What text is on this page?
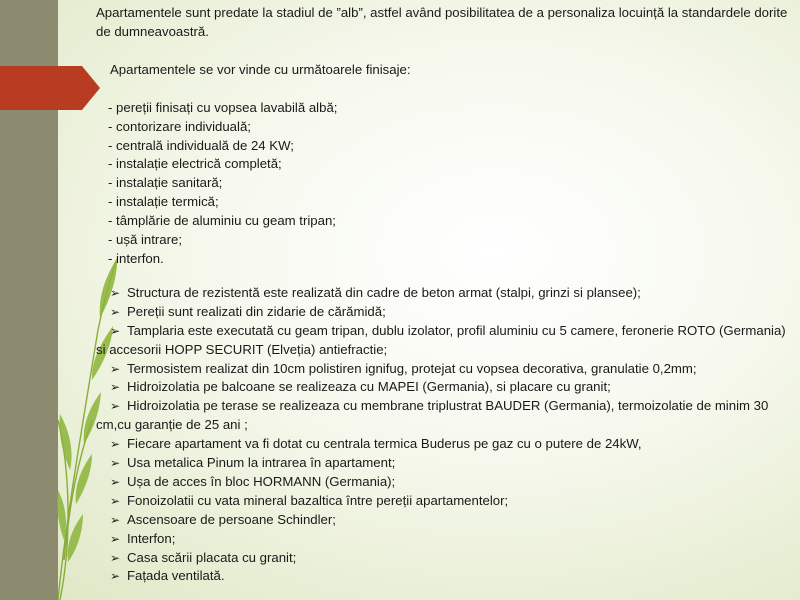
Apartamentele sunt predate la stadiul de ”alb”, astfel având posibilitatea de a personaliza locuință la standardele dorite de dumneavoastră.

Apartamentele se vor vinde cu următoarele finisaje:

- pereții finisați cu vopsea lavabilă albă;
- contorizare individuală;
- centrală individuală de 24 KW;
- instalație electrică completă;
- instalație sanitară;
- instalație termică;
- tâmplărie de aluminiu cu geam tripan;
- ușă intrare;
- interfon.
➢ Structura de rezistentă este realizată din cadre de beton armat (stalpi, grinzi si plansee);
➢ Pereții sunt realizati din zidarie de cărămidă;
➢ Tamplaria este executată cu geam tripan, dublu izolator, profil aluminiu cu 5 camere, feronerie ROTO (Germania) si accesorii HOPP SECURIT (Elveția) antiefractie;
➢ Termosistem realizat din 10cm polistiren ignifug, protejat cu vopsea decorativa, granulatie 0,2mm;
➢ Hidroizolatia pe balcoane se realizeaza cu MAPEI (Germania), si placare cu granit;
➢ Hidroizolatia pe terase se realizeaza cu membrane triplustrat BAUDER (Germania), termoizolatie de minim 30 cm,cu garanție de 25 ani ;
➢ Fiecare apartament va fi dotat cu centrala termica Buderus pe gaz cu o putere de 24kW,
➢ Usa metalica Pinum la intrarea în apartament;
➢ Ușa de acces în bloc HORMANN (Germania);
➢ Fonoizolatii cu vata mineral bazaltica între pereții apartamentelor;
➢ Ascensoare de persoane Schindler;
➢ Interfon;
➢ Casa scării placata cu granit;
➢ Fațada ventilată.
